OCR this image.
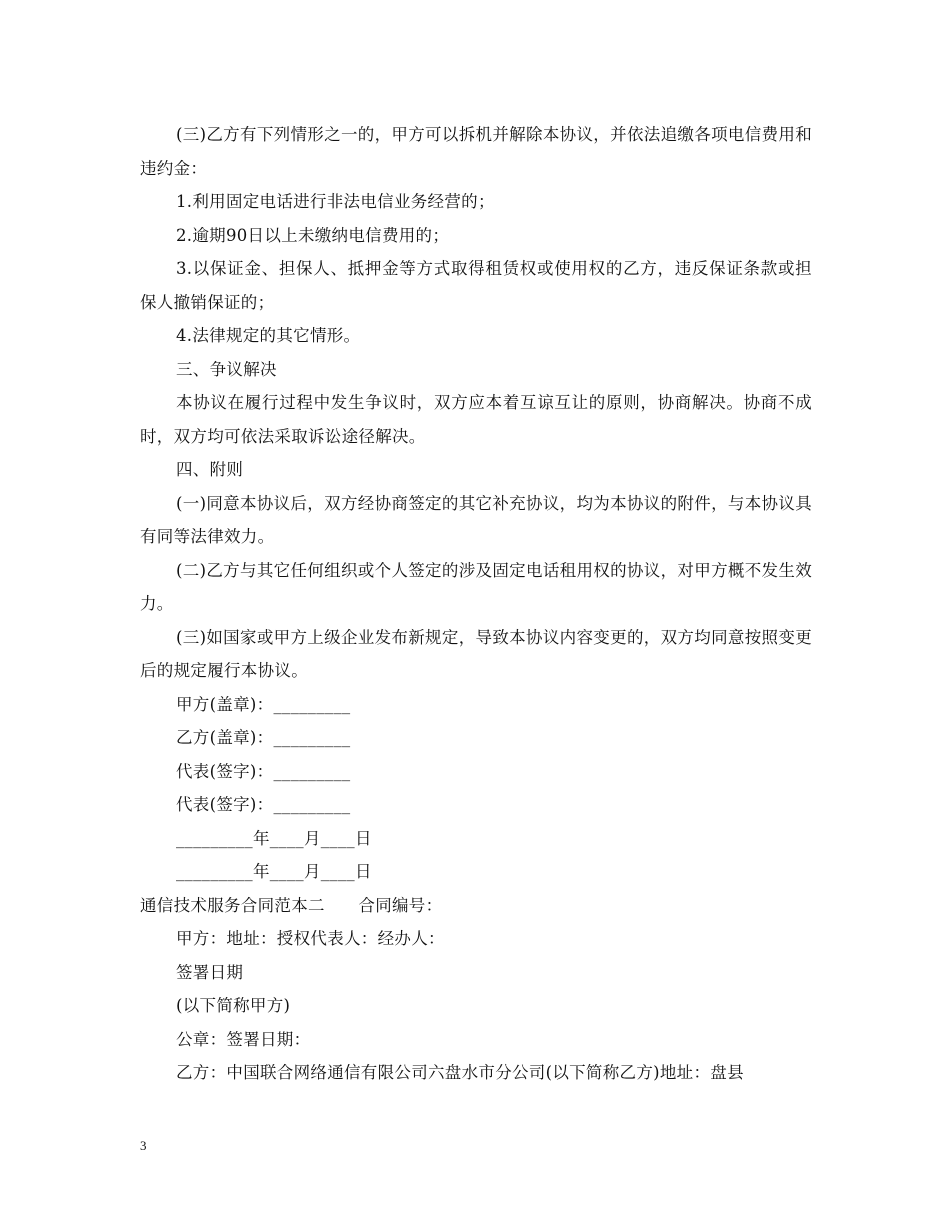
(三)乙方有下列情形之一的，甲方可以拆机并解除本协议，并依法追缴各项电信费用和违约金：

1.利用固定电话进行非法电信业务经营的；

2.逾期90日以上未缴纳电信费用的；

3.以保证金、担保人、抵押金等方式取得租赁权或使用权的乙方，违反保证条款或担保人撤销保证的；

4.法律规定的其它情形。

三、争议解决

本协议在履行过程中发生争议时，双方应本着互谅互让的原则，协商解决。协商不成时，双方均可依法采取诉讼途径解决。

四、附则

(一)同意本协议后，双方经协商签定的其它补充协议，均为本协议的附件，与本协议具有同等法律效力。

(二)乙方与其它任何组织或个人签定的涉及固定电话租用权的协议，对甲方概不发生效力。

(三)如国家或甲方上级企业发布新规定，导致本协议内容变更的，双方均同意按照变更后的规定履行本协议。

甲方(盖章)：_________

乙方(盖章)：_________

代表(签字)：_________

代表(签字)：_________

_________年____月____日

_________年____月____日

通信技术服务合同范本二　　合同编号：

甲方：地址：授权代表人：经办人：

签署日期

(以下简称甲方)

公章：签署日期：

乙方：中国联合网络通信有限公司六盘水市分公司(以下简称乙方)地址：盘县

3
